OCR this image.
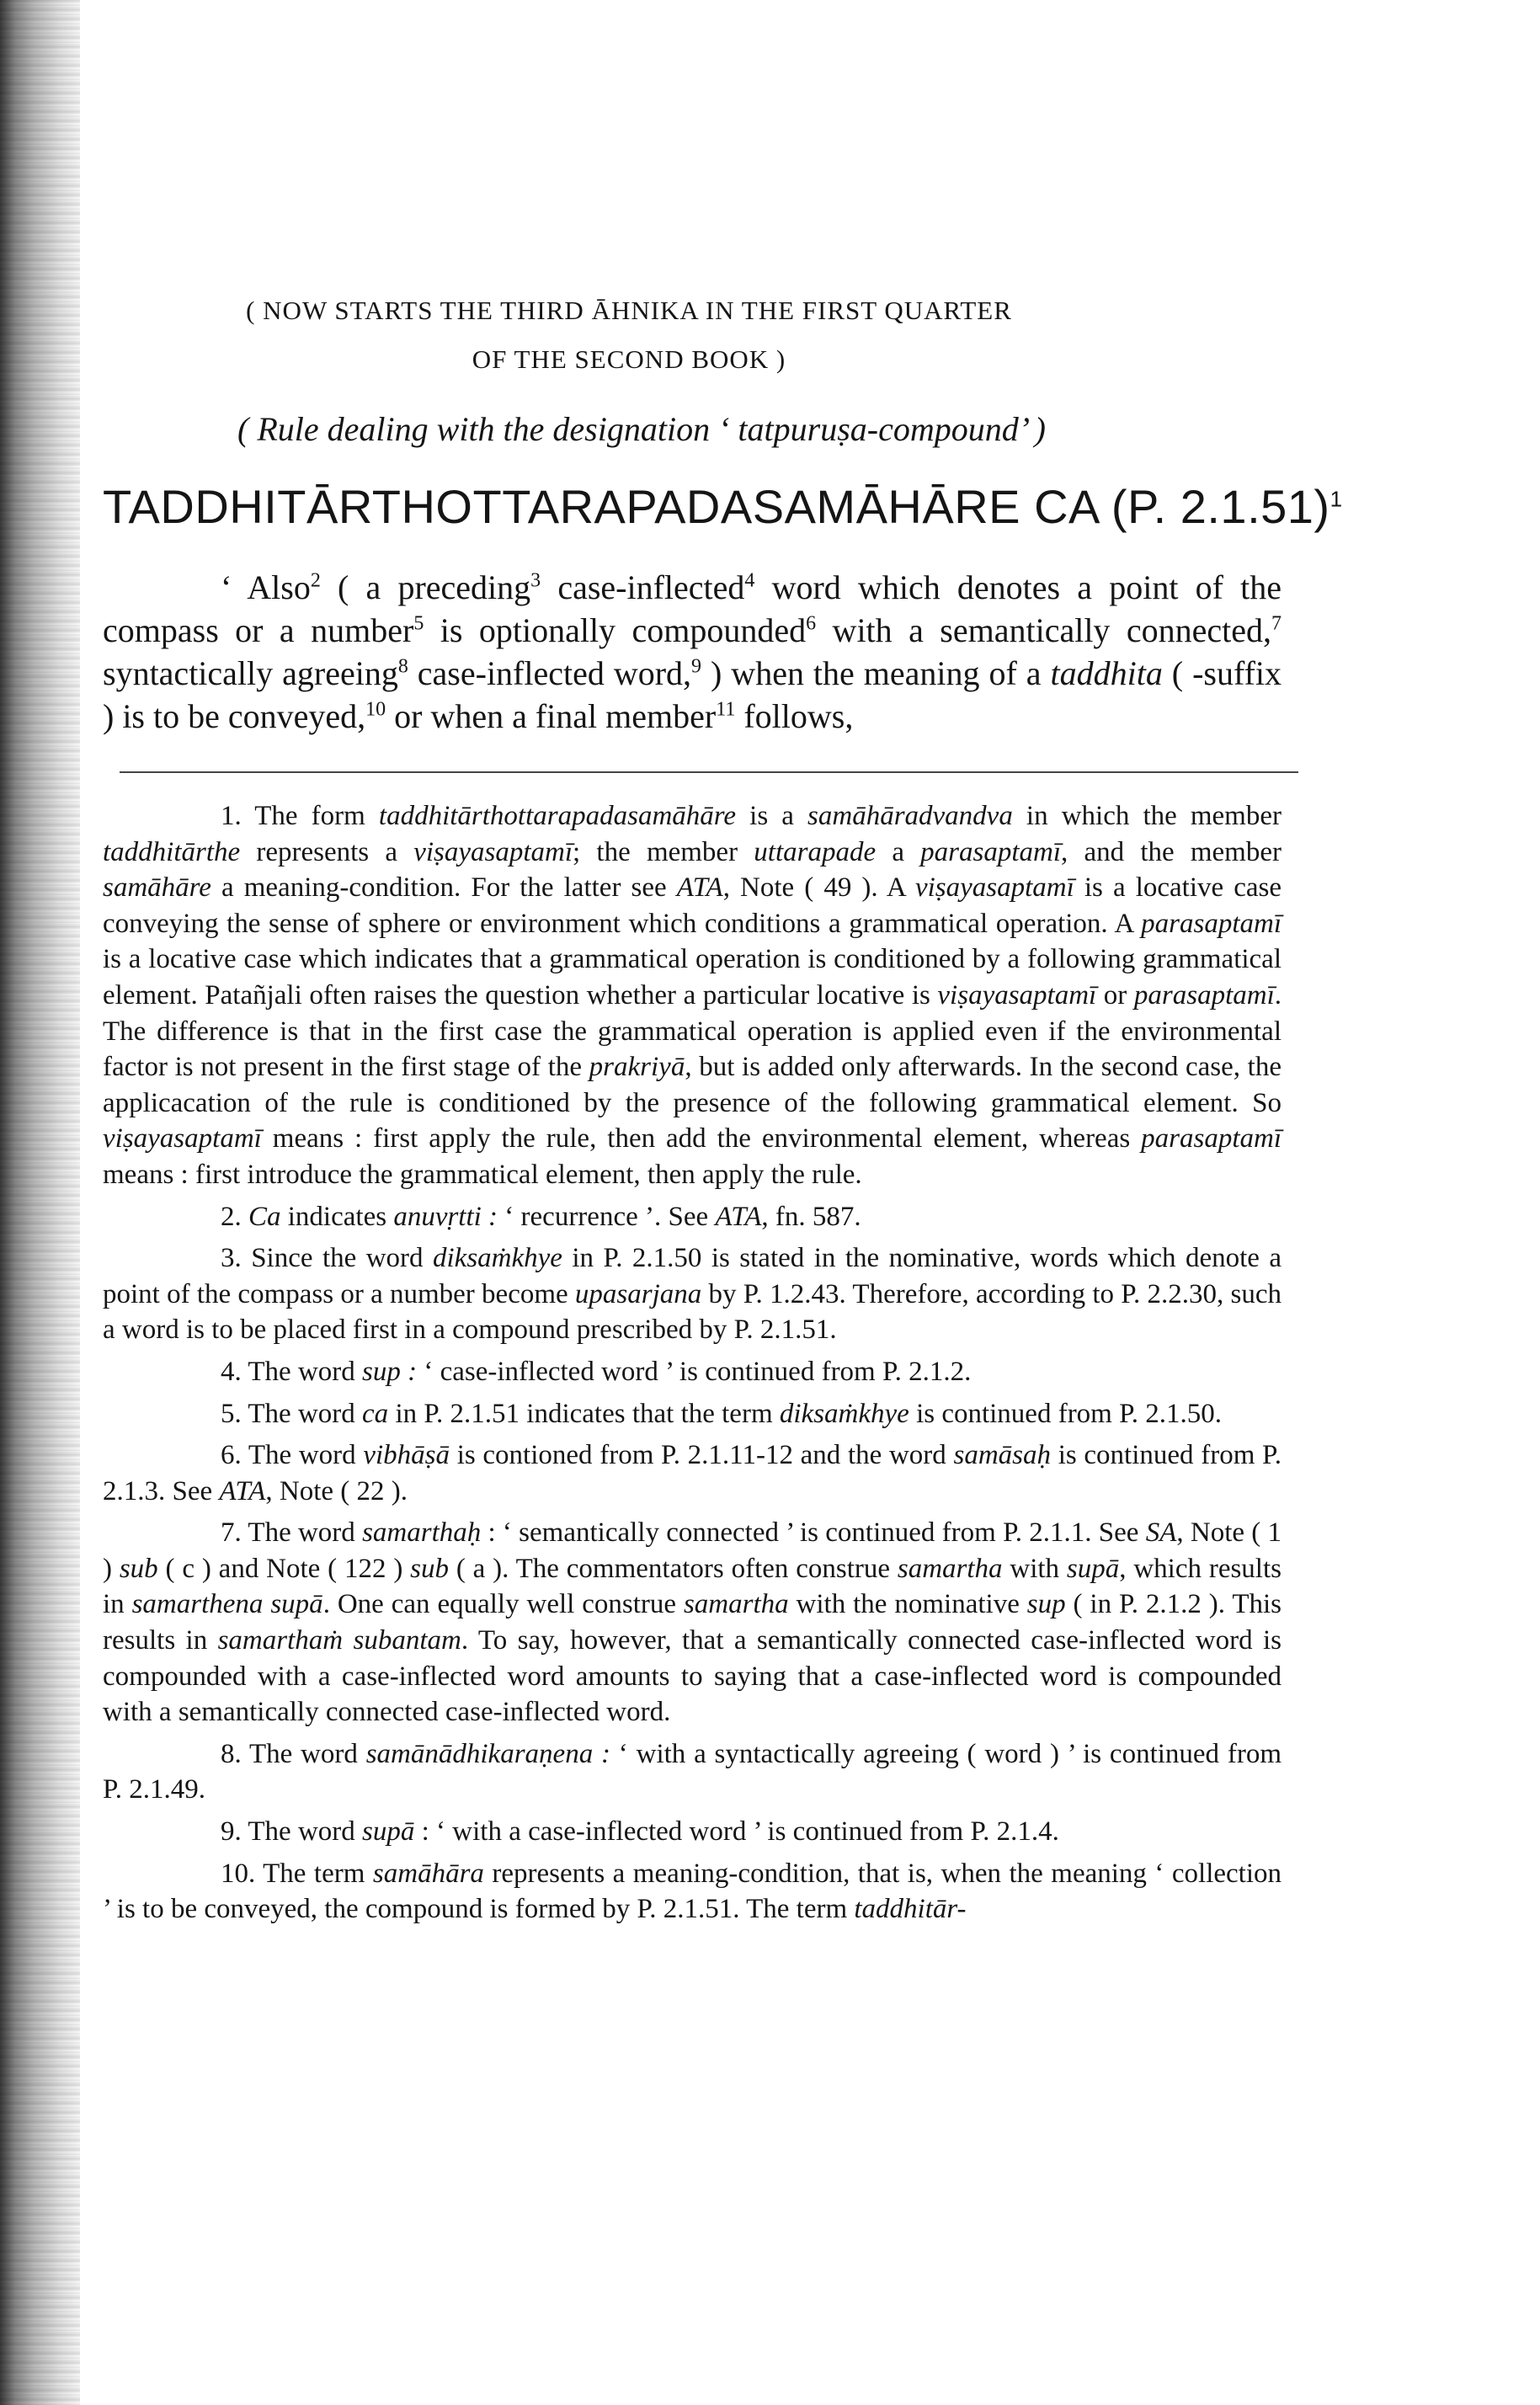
( NOW STARTS THE THIRD ĀHNIKA IN THE FIRST QUARTER
OF THE SECOND BOOK )
( Rule dealing with the designation ‘ tatpuruṣa-compound’ )
TADDHITĀRTHOTTARAPADASAMĀHĀRE CA (P. 2.1.51)$^1$

‘ Also$^2$ ( a preceding$^3$ case-inflected$^4$ word which denotes a point of the compass or a number$^5$ is optionally compounded$^6$ with a semantically connected,$^7$ syntactically agreeing$^8$ case-inflected word,$^9$ ) when the meaning of a taddhita ( -suffix ) is to be conveyed,$^{10}$ or when a final member$^{11}$ follows,

1. The form taddhitārthottarapadasamāhāre is a samāhāradvandva in which the member taddhitārthe represents a viṣayasaptamī; the member uttarapade a parasaptamī, and the member samāhāre a meaning-condition. For the latter see ATA, Note ( 49 ). A viṣayasaptamī is a locative case conveying the sense of sphere or environment which conditions a grammatical operation. A parasaptamī is a locative case which indicates that a grammatical operation is conditioned by a following grammatical element. Patañjali often raises the question whether a particular locative is viṣayasaptamī or parasaptamī. The difference is that in the first case the grammatical operation is applied even if the environmental factor is not present in the first stage of the prakriyā, but is added only afterwards. In the second case, the applicacation of the rule is conditioned by the presence of the following grammatical element. So viṣayasaptamī means : first apply the rule, then add the environmental element, whereas parasaptamī means : first introduce the grammatical element, then apply the rule.

2. Ca indicates anuvṛtti : ‘ recurrence ’. See ATA, fn. 587.

3. Since the word diksaṁkhye in P. 2.1.50 is stated in the nominative, words which denote a point of the compass or a number become upasarjana by P. 1.2.43. Therefore, according to P. 2.2.30, such a word is to be placed first in a compound prescribed by P. 2.1.51.

4. The word sup : ‘ case-inflected word ’ is continued from P. 2.1.2.

5. The word ca in P. 2.1.51 indicates that the term diksaṁkhye is continued from P. 2.1.50.

6. The word vibhāṣā is contioned from P. 2.1.11-12 and the word samāsaḥ is continued from P. 2.1.3. See ATA, Note ( 22 ).

7. The word samarthaḥ : ‘ semantically connected ’ is continued from P. 2.1.1. See SA, Note ( 1 ) sub ( c ) and Note ( 122 ) sub ( a ). The commentators often construe samartha with supā, which results in samarthena supā. One can equally well construe samartha with the nominative sup ( in P. 2.1.2 ). This results in samarthaṁ subantam. To say, however, that a semantically connected case-inflected word is compounded with a case-inflected word amounts to saying that a case-inflected word is compounded with a semantically connected case-inflected word.

8. The word samānādhikaraṇena : ‘ with a syntactically agreeing ( word ) ’ is continued from P. 2.1.49.

9. The word supā : ‘ with a case-inflected word ’ is continued from P. 2.1.4.

10. The term samāhāra represents a meaning-condition, that is, when the meaning ‘ collection ’ is to be conveyed, the compound is formed by P. 2.1.51. The term taddhitār-
